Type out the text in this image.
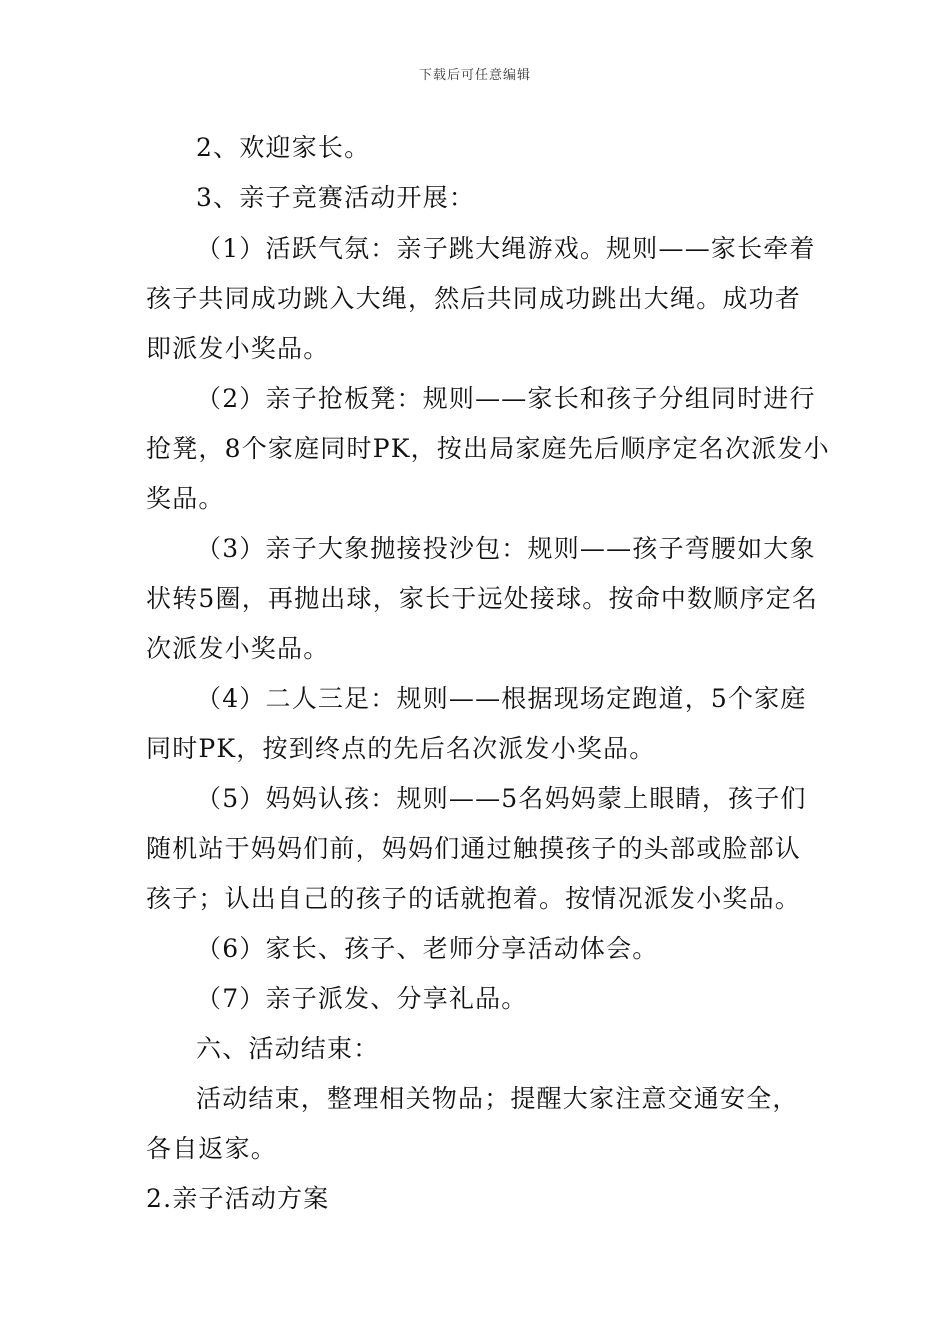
下载后可任意编辑
2、欢迎家长。
3、亲子竞赛活动开展：
（1）活跃气氛：亲子跳大绳游戏。规则——家长牵着
孩子共同成功跳入大绳，然后共同成功跳出大绳。成功者
即派发小奖品。
（2）亲子抢板凳：规则——家长和孩子分组同时进行
抢凳，8个家庭同时PK，按出局家庭先后顺序定名次派发小
奖品。
（3）亲子大象抛接投沙包：规则——孩子弯腰如大象
状转5圈，再抛出球，家长于远处接球。按命中数顺序定名
次派发小奖品。
（4）二人三足：规则——根据现场定跑道，5个家庭
同时PK，按到终点的先后名次派发小奖品。
（5）妈妈认孩：规则——5名妈妈蒙上眼睛，孩子们
随机站于妈妈们前，妈妈们通过触摸孩子的头部或脸部认
孩子；认出自己的孩子的话就抱着。按情况派发小奖品。
（6）家长、孩子、老师分享活动体会。
（7）亲子派发、分享礼品。
六、活动结束：
活动结束，整理相关物品；提醒大家注意交通安全，
各自返家。
2.亲子活动方案
